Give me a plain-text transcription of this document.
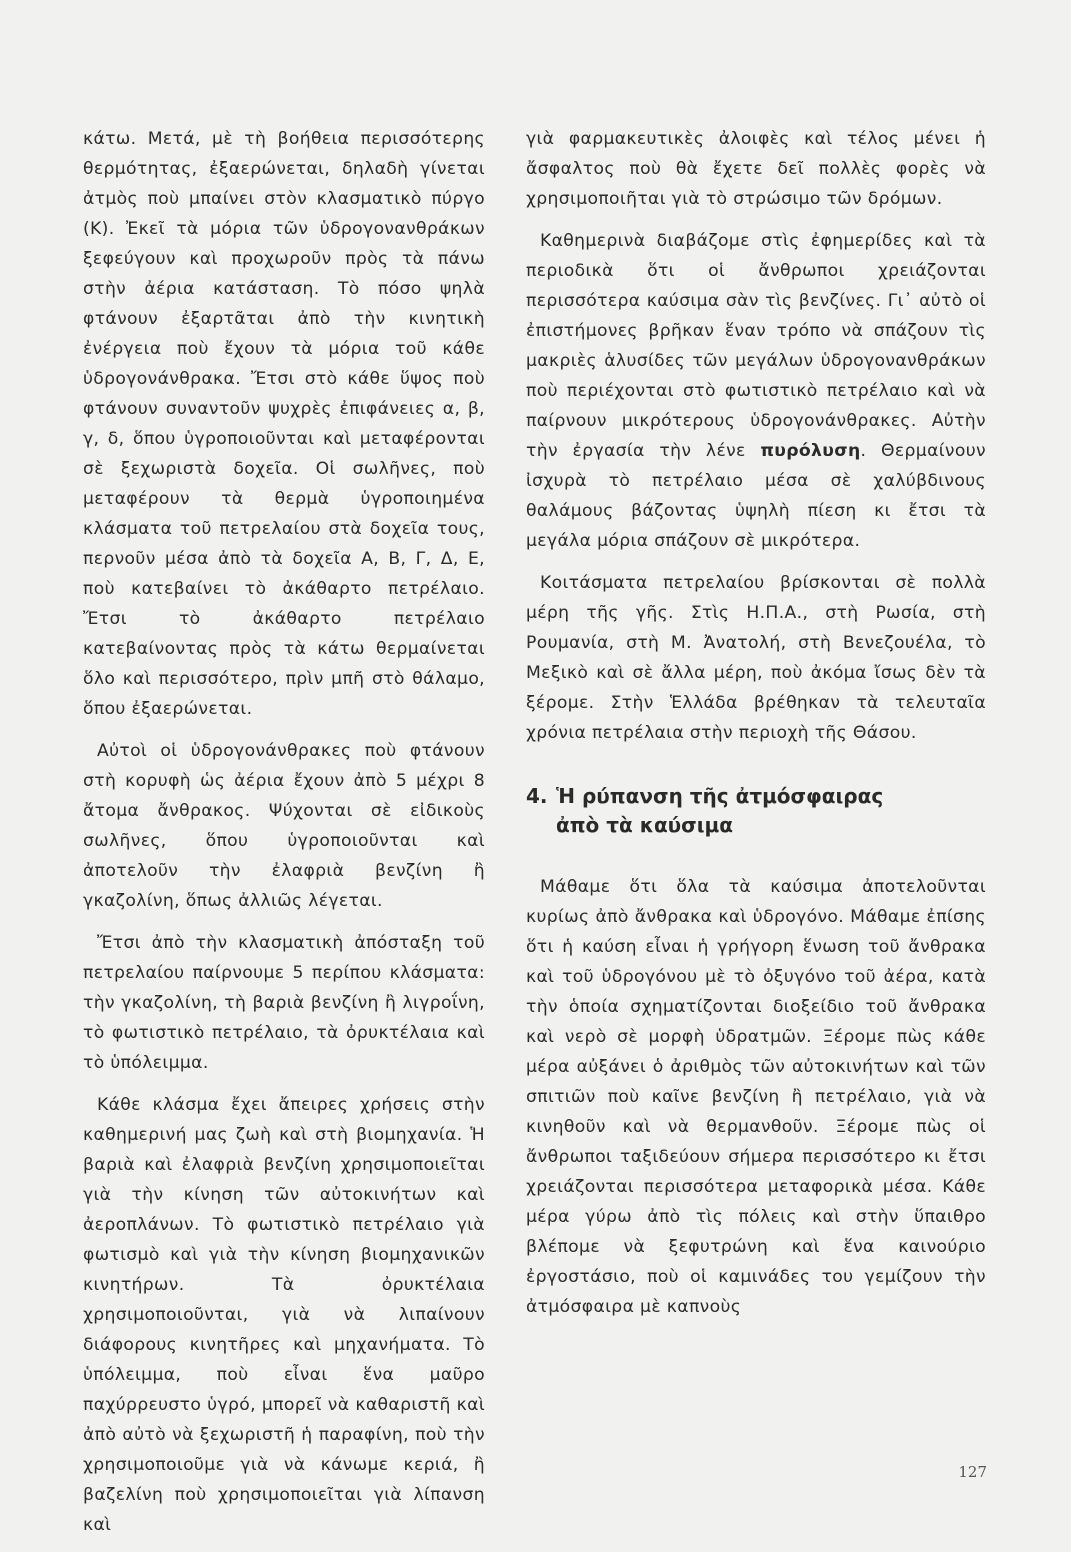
κάτω. Μετά, μὲ τὴ βοήθεια περισσότερης θερμότητας, ἐξαερώνεται, δηλαδὴ γίνεται ἀτμὸς ποὺ μπαίνει στὸν κλασματικὸ πύργο (Κ). Ἐκεῖ τὰ μόρια τῶν ὑδρογονανθράκων ξεφεύγουν καὶ προχωροῦν πρὸς τὰ πάνω στὴν ἀέρια κατάσταση. Τὸ πόσο ψηλὰ φτάνουν ἐξαρτᾶται ἀπὸ τὴν κινητικὴ ἐνέργεια ποὺ ἔχουν τὰ μόρια τοῦ κάθε ὑδρογονάνθρακα. Ἔτσι στὸ κάθε ὕψος ποὺ φτάνουν συναντοῦν ψυχρὲς ἐπιφάνειες α, β, γ, δ, ὅπου ὑγροποιοῦνται καὶ μεταφέρονται σὲ ξεχωριστὰ δοχεῖα. Οἱ σωλῆνες, ποὺ μεταφέρουν τὰ θερμὰ ὑγροποιημένα κλάσματα τοῦ πετρελαίου στὰ δοχεῖα τους, περνοῦν μέσα ἀπὸ τὰ δοχεῖα Α, Β, Γ, Δ, Ε, ποὺ κατεβαίνει τὸ ἀκάθαρτο πετρέλαιο. Ἔτσι τὸ ἀκάθαρτο πετρέλαιο κατεβαίνοντας πρὸς τὰ κάτω θερμαίνεται ὅλο καὶ περισσότερο, πρὶν μπῆ στὸ θάλαμο, ὅπου ἐξαερώνεται.

Αὐτοὶ οἱ ὑδρογονάνθρακες ποὺ φτάνουν στὴ κορυφὴ ὡς ἀέρια ἔχουν ἀπὸ 5 μέχρι 8 ἄτομα ἄνθρακος. Ψύχονται σὲ εἰδικοὺς σωλῆνες, ὅπου ὑγροποιοῦνται καὶ ἀποτελοῦν τὴν ἐλαφριὰ βενζίνη ἢ γκαζολίνη, ὅπως ἀλλιῶς λέγεται.

Ἔτσι ἀπὸ τὴν κλασματικὴ ἀπόσταξη τοῦ πετρελαίου παίρνουμε 5 περίπου κλάσματα: τὴν γκαζολίνη, τὴ βαριὰ βενζίνη ἢ λιγροΐνη, τὸ φωτιστικὸ πετρέλαιο, τὰ ὀρυκτέλαια καὶ τὸ ὑπόλειμμα.

Κάθε κλάσμα ἔχει ἄπειρες χρήσεις στὴν καθημερινή μας ζωὴ καὶ στὴ βιομηχανία. Ἡ βαριὰ καὶ ἐλαφριὰ βενζίνη χρησιμοποιεῖται γιὰ τὴν κίνηση τῶν αὐτοκινήτων καὶ ἀεροπλάνων. Τὸ φωτιστικὸ πετρέλαιο γιὰ φωτισμὸ καὶ γιὰ τὴν κίνηση βιομηχανικῶν κινητήρων. Τὰ ὀρυκτέλαια χρησιμοποιοῦνται, γιὰ νὰ λιπαίνουν διάφορους κινητῆρες καὶ μηχανήματα. Τὸ ὑπόλειμμα, ποὺ εἶναι ἕνα μαῦρο παχύρρευστο ὑγρό, μπορεῖ νὰ καθαριστῆ καὶ ἀπὸ αὐτὸ νὰ ξεχωριστῆ ἡ παραφίνη, ποὺ τὴν χρησιμοποιοῦμε γιὰ νὰ κάνωμε κεριά, ἢ βαζελίνη ποὺ χρησιμοποιεῖται γιὰ λίπανση καὶ

γιὰ φαρμακευτικὲς ἀλοιφὲς καὶ τέλος μένει ἡ ἄσφαλτος ποὺ θὰ ἔχετε δεῖ πολλὲς φορὲς νὰ χρησιμοποιῆται γιὰ τὸ στρώσιμο τῶν δρόμων.

Καθημερινὰ διαβάζομε στὶς ἐφημερίδες καὶ τὰ περιοδικὰ ὅτι οἱ ἄνθρωποι χρειάζονται περισσότερα καύσιμα σὰν τὶς βενζίνες. Γι᾽ αὐτὸ οἱ ἐπιστήμονες βρῆκαν ἕναν τρόπο νὰ σπάζουν τὶς μακριὲς ἁλυσίδες τῶν μεγάλων ὑδρογονανθράκων ποὺ περιέχονται στὸ φωτιστικὸ πετρέλαιο καὶ νὰ παίρνουν μικρότερους ὑδρογονάνθρακες. Αὐτὴν τὴν ἐργασία τὴν λένε πυρόλυση. Θερμαίνουν ἰσχυρὰ τὸ πετρέλαιο μέσα σὲ χαλύβδινους θαλάμους βάζοντας ὑψηλὴ πίεση κι ἔτσι τὰ μεγάλα μόρια σπάζουν σὲ μικρότερα.

Κοιτάσματα πετρελαίου βρίσκονται σὲ πολλὰ μέρη τῆς γῆς. Στὶς Η.Π.Α., στὴ Ρωσία, στὴ Ρουμανία, στὴ Μ. Ἀνατολή, στὴ Βενεζουέλα, τὸ Μεξικὸ καὶ σὲ ἄλλα μέρη, ποὺ ἀκόμα ἴσως δὲν τὰ ξέρομε. Στὴν Ἑλλάδα βρέθηκαν τὰ τελευταῖα χρόνια πετρέλαια στὴν περιοχὴ τῆς Θάσου.

4. Ἡ ρύπανση τῆς ἀτμόσφαιρας
ἀπὸ τὰ καύσιμα

Μάθαμε ὅτι ὅλα τὰ καύσιμα ἀποτελοῦνται κυρίως ἀπὸ ἄνθρακα καὶ ὑδρογόνο. Μάθαμε ἐπίσης ὅτι ἡ καύση εἶναι ἡ γρήγορη ἕνωση τοῦ ἄνθρακα καὶ τοῦ ὑδρογόνου μὲ τὸ ὀξυγόνο τοῦ ἀέρα, κατὰ τὴν ὁποία σχηματίζονται διοξείδιο τοῦ ἄνθρακα καὶ νερὸ σὲ μορφὴ ὑδρατμῶν. Ξέρομε πὼς κάθε μέρα αὐξάνει ὁ ἀριθμὸς τῶν αὐτοκινήτων καὶ τῶν σπιτιῶν ποὺ καῖνε βενζίνη ἢ πετρέλαιο, γιὰ νὰ κινηθοῦν καὶ νὰ θερμανθοῦν. Ξέρομε πὼς οἱ ἄνθρωποι ταξιδεύουν σήμερα περισσότερο κι ἔτσι χρειάζονται περισσότερα μεταφορικὰ μέσα. Κάθε μέρα γύρω ἀπὸ τὶς πόλεις καὶ στὴν ὕπαιθρο βλέπομε νὰ ξεφυτρώνη καὶ ἕνα καινούριο ἐργοστάσιο, ποὺ οἱ καμινάδες του γεμίζουν τὴν ἀτμόσφαιρα μὲ καπνοὺς

127
